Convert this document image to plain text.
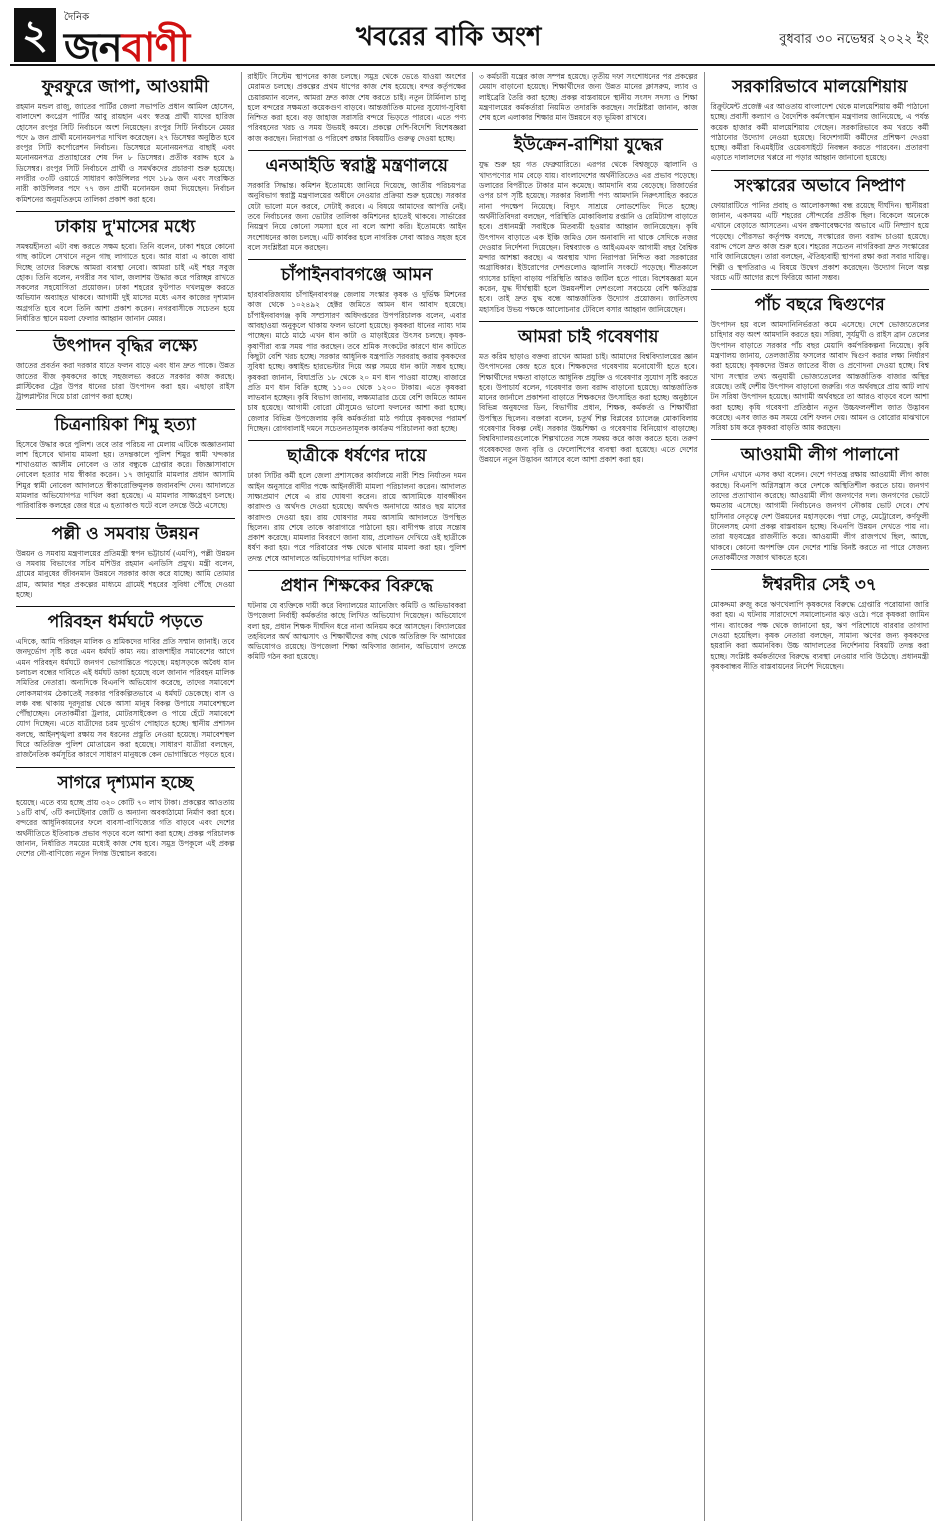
২	দৈনিক
জনবাণী	খবরের বাকি অংশ	বুধবার ৩০ নভেম্বর ২০২২ ইং
ফুরফুরে জাপা, আওয়ামী

রহমান মন্ডল রাজু, জাতের পার্টির জেলা সভাপতি প্রধান আমিল হোসেন, বালাদেশ কংগ্রেস পার্টির আবু রায়হান এবং স্বতন্ত্র প্রার্থী যাদের হারিজ হোসেন রংপুর সিটি নির্বাচনে অংশ নিয়েছেন। রংপুর সিটি নির্বাচনে মেয়র পদে ৯ জন প্রার্থী মনোনয়নপত্র দাখিল করেছেন। ২৭ ডিসেম্বর অনুষ্ঠিত হবে রংপুর সিটি কর্পোরেশন নির্বাচন। ডিসেম্বরে মনোনয়নপত্র বাছাই এবং মনোনয়নপত্র প্রত্যাহারের শেষ দিন ৮ ডিসেম্বর। প্রতীক বরাদ্দ হবে ৯ ডিসেম্বর। রংপুর সিটি নির্বাচনে প্রার্থী ও সমর্থকদের প্রচারণা শুরু হয়েছে। নগরীর ৩৩টি ওয়ার্ডে সাধারণ কাউন্সিলর পদে ১৮৯ জন এবং সংরক্ষিত নারী কাউন্সিলর পদে ৭৭ জন প্রার্থী মনোনয়ন জমা দিয়েছেন। নির্বাচন কমিশনের অনুমতিক্রমে তালিকা প্রকাশ করা হবে।

ঢাকায় দু'মাসের মধ্যে

সমন্বয়হীনতা এটা বন্ধ করতে সক্ষম হবো। তিনি বলেন, ঢাকা শহরে কোনো গাছ কাটলে সেখানে নতুন গাছ লাগাতে হবে। আর যারা এ কাজে বাধা দিচ্ছে তাদের বিরুদ্ধে আমরা ব্যবস্থা নেবো। আমরা চাই এই শহর সবুজ হোক। তিনি বলেন, নগরীর সব খাল, জলাশয় উদ্ধার করে পরিচ্ছন্ন রাখতে সকলের সহযোগিতা প্রয়োজন। ঢাকা শহরের ফুটপাত দখলমুক্ত করতে অভিযান অব্যাহত থাকবে। আগামী দুই মাসের মধ্যে এসব কাজের দৃশ্যমান অগ্রগতি হবে বলে তিনি আশা প্রকাশ করেন। নগরবাসীকে সচেতন হয়ে নির্ধারিত স্থানে ময়লা ফেলার আহ্বান জানান মেয়র।

উৎপাদন বৃদ্ধির লক্ষ্যে

জাতের প্রবর্তন করা দরকার যাতে ফলন বাড়ে এবং ধান দ্রুত পাকে। উন্নত জাতের বীজ কৃষকদের কাছে সহজলভ্য করতে সরকার কাজ করছে। প্লাস্টিকের ট্রের উপর ধানের চারা উৎপাদন করা হয়। এছাড়া রাইস ট্রান্সপ্লান্টার দিয়ে চারা রোপণ করা হচ্ছে।

চিত্রনায়িকা শিমু হত্যা

হিসেবে উদ্ধার করে পুলিশ। তবে তার পরিচয় না মেলায় এটিকে অজ্ঞাতনামা লাশ হিসেবে থানায় মামলা হয়। তদন্তকালে পুলিশ শিমুর স্বামী খন্দকার শাখাওয়াত আলীম নোবেল ও তার বন্ধুকে গ্রেপ্তার করে। জিজ্ঞাসাবাদে নোবেল হত্যার দায় স্বীকার করেন। ১৭ জানুয়ারি মামলার প্রধান আসামি শিমুর স্বামী নোবেল আদালতে স্বীকারোক্তিমূলক জবানবন্দি দেন। আদালতে মামলার অভিযোগপত্র দাখিল করা হয়েছে। এ মামলার সাক্ষ্যগ্রহণ চলছে। পারিবারিক কলহের জের ধরে এ হত্যাকাণ্ড ঘটে বলে তদন্তে উঠে এসেছে।

পল্লী ও সমবায় উন্নয়ন

উন্নয়ন ও সমবায় মন্ত্রণালয়ের প্রতিমন্ত্রী স্বপন ভট্টাচার্য (এমপি), পল্লী উন্নয়ন ও সমবায় বিভাগের সচিব মশিউর রহমান এনডিসি প্রমুখ। মন্ত্রী বলেন, গ্রামের মানুষের জীবনমান উন্নয়নে সরকার কাজ করে যাচ্ছে। আমি তোমার গ্রাম, আমার শহর প্রকল্পের মাধ্যমে গ্রামেই শহরের সুবিধা পৌঁছে দেওয়া হচ্ছে।

পরিবহন ধর্মঘটে পড়তে

এদিকে, আমি পরিবহন মালিক ও শ্রমিকদের দাবির প্রতি সম্মান জানাই। তবে জনদুর্ভোগ সৃষ্টি করে এমন ধর্মঘট কাম্য নয়। রাজশাহীর সমাবেশের আগে এমন পরিবহন ধর্মঘটে জনগণ ভোগান্তিতে পড়েছে। মহাসড়কে অবৈধ যান চলাচল বন্ধের দাবিতে এই ধর্মঘট ডাকা হয়েছে বলে জানান পরিবহন মালিক সমিতির নেতারা। অন্যদিকে বিএনপি অভিযোগ করেছে, তাদের সমাবেশে লোকসমাগম ঠেকাতেই সরকার পরিকল্পিতভাবে এ ধর্মঘট ডেকেছে। বাস ও লঞ্চ বন্ধ থাকায় দূরদূরান্ত থেকে আসা মানুষ বিকল্প উপায়ে সমাবেশস্থলে পৌঁছাচ্ছেন। নেতাকর্মীরা ট্রলার, মোটরসাইকেল ও পায়ে হেঁটে সমাবেশে যোগ দিচ্ছেন। এতে যাত্রীদের চরম দুর্ভোগ পোহাতে হচ্ছে। স্থানীয় প্রশাসন বলছে, আইনশৃঙ্খলা রক্ষায় সব ধরনের প্রস্তুতি নেওয়া হয়েছে। সমাবেশস্থল ঘিরে অতিরিক্ত পুলিশ মোতায়েন করা হয়েছে। সাধারণ যাত্রীরা বলছেন, রাজনৈতিক কর্মসূচির কারণে সাধারণ মানুষকে কেন ভোগান্তিতে পড়তে হবে।

সাগরে দৃশ্যমান হচ্ছে

হয়েছে। এতে ব্যয় হচ্ছে প্রায় ৩২০ কোটি ৭০ লাখ টাকা। প্রকল্পের আওতায় ১৪টি বার্থ, ৩টি কনটেইনার জেটি ও অন্যান্য অবকাঠামো নির্মাণ করা হবে। বন্দরের আধুনিকায়নের ফলে ব্যবসা-বাণিজ্যের গতি বাড়বে এবং দেশের অর্থনীতিতে ইতিবাচক প্রভাব পড়বে বলে আশা করা হচ্ছে। প্রকল্প পরিচালক জানান, নির্ধারিত সময়ের মধ্যেই কাজ শেষ হবে। সমুদ্র উপকূলে এই প্রকল্প দেশের নৌ-বাণিজ্যে নতুন দিগন্ত উন্মোচন করবে।

রাইটিং সিস্টেম স্থাপনের কাজ চলছে। সমুদ্র থেকে ভেঙে যাওয়া অংশের মেরামত চলছে। প্রকল্পের প্রথম ধাপের কাজ শেষ হয়েছে। বন্দর কর্তৃপক্ষের চেয়ারম্যান বলেন, আমরা দ্রুত কাজ শেষ করতে চাই। নতুন টার্মিনাল চালু হলে বন্দরের সক্ষমতা কয়েকগুণ বাড়বে। আন্তর্জাতিক মানের সুযোগ-সুবিধা নিশ্চিত করা হবে। বড় জাহাজ সরাসরি বন্দরে ভিড়তে পারবে। এতে পণ্য পরিবহনের খরচ ও সময় উভয়ই কমবে। প্রকল্পে দেশি-বিদেশি বিশেষজ্ঞরা কাজ করছেন। নিরাপত্তা ও পরিবেশ রক্ষার বিষয়টিও গুরুত্ব দেওয়া হচ্ছে।

এনআইডি স্বরাষ্ট্র মন্ত্রণালয়ে

সরকারি সিদ্ধান্ত। কমিশন ইতোমধ্যে জানিয়ে দিয়েছে, জাতীয় পরিচয়পত্র অনুবিভাগ স্বরাষ্ট্র মন্ত্রণালয়ের অধীনে নেওয়ার প্রক্রিয়া শুরু হয়েছে। সরকার যেটা ভালো মনে করবে, সেটাই করবে। এ বিষয়ে আমাদের আপত্তি নেই। তবে নির্বাচনের জন্য ভোটার তালিকা কমিশনের হাতেই থাকবে। সার্ভারের নিয়ন্ত্রণ নিয়ে কোনো সমস্যা হবে না বলে আশা করি। ইতোমধ্যে আইন সংশোধনের কাজ চলছে। এটি কার্যকর হলে নাগরিক সেবা আরও সহজ হবে বলে সংশ্লিষ্টরা মনে করছেন।

চাঁপাইনবাবগঞ্জে আমন

হারবাবরিজযায় চাঁপাইনবাবগঞ্জ জেলায় সংস্কার কৃষক ও দুর্ভিক্ষ মিশনের কাজ থেকে ১০২৪৯২ হেক্টর জমিতে আমন ধান আবাদ হয়েছে। চাঁপাইনবাবগঞ্জ কৃষি সম্প্রসারণ অধিদপ্তরের উপপরিচালক বলেন, এবার আবহাওয়া অনুকূলে থাকায় ফলন ভালো হয়েছে। কৃষকরা ধানের ন্যায্য দাম পাচ্ছেন। মাঠে মাঠে এখন ধান কাটা ও মাড়াইয়ের উৎসব চলছে। কৃষক-কৃষাণীরা ব্যস্ত সময় পার করছেন। তবে শ্রমিক সংকটের কারণে ধান কাটতে কিছুটা বেশি খরচ হচ্ছে। সরকার আধুনিক যন্ত্রপাতি সরবরাহ করায় কৃষকদের সুবিধা হচ্ছে। কম্বাইন্ড হারভেস্টার দিয়ে অল্প সময়ে ধান কাটা সম্ভব হচ্ছে। কৃষকরা জানান, বিঘাপ্রতি ১৮ থেকে ২০ মণ ধান পাওয়া যাচ্ছে। বাজারে প্রতি মণ ধান বিক্রি হচ্ছে ১১০০ থেকে ১২০০ টাকায়। এতে কৃষকরা লাভবান হচ্ছেন। কৃষি বিভাগ জানায়, লক্ষ্যমাত্রার চেয়ে বেশি জমিতে আমন চাষ হয়েছে। আগামী বোরো মৌসুমেও ভালো ফলনের আশা করা হচ্ছে। জেলার বিভিন্ন উপজেলায় কৃষি কর্মকর্তারা মাঠ পর্যায়ে কৃষকদের পরামর্শ দিচ্ছেন। রোগবালাই দমনে সচেতনতামূলক কার্যক্রম পরিচালনা করা হচ্ছে।

ছাত্রীকে ধর্ষণের দায়ে

ঢাকা সিটির কর্মী হলে জেলা প্রশাসকের কার্যালয়ে নারী শিশু নির্যাতন দমন আইন অনুসারে বাদীর পক্ষে আইনজীবী মামলা পরিচালনা করেন। আদালত সাক্ষ্যপ্রমাণ শেষে এ রায় ঘোষণা করেন। রায়ে আসামিকে যাবজ্জীবন কারাদণ্ড ও অর্থদণ্ড দেওয়া হয়েছে। অর্থদণ্ড অনাদায়ে আরও ছয় মাসের কারাদণ্ড দেওয়া হয়। রায় ঘোষণার সময় আসামি আদালতে উপস্থিত ছিলেন। রায় শেষে তাকে কারাগারে পাঠানো হয়। বাদীপক্ষ রায়ে সন্তোষ প্রকাশ করেছে। মামলার বিবরণে জানা যায়, প্রলোভন দেখিয়ে ওই ছাত্রীকে ধর্ষণ করা হয়। পরে পরিবারের পক্ষ থেকে থানায় মামলা করা হয়। পুলিশ তদন্ত শেষে আদালতে অভিযোগপত্র দাখিল করে।

প্রধান শিক্ষকের বিরুদ্ধে

ঘটনায় যে ব্যক্তিকে দায়ী করে বিদ্যালয়ের ম্যানেজিং কমিটি ও অভিভাবকরা উপজেলা নির্বাহী কর্মকর্তার কাছে লিখিত অভিযোগ দিয়েছেন। অভিযোগে বলা হয়, প্রধান শিক্ষক দীর্ঘদিন ধরে নানা অনিয়ম করে আসছেন। বিদ্যালয়ের তহবিলের অর্থ আত্মসাৎ ও শিক্ষার্থীদের কাছ থেকে অতিরিক্ত ফি আদায়ের অভিযোগও রয়েছে। উপজেলা শিক্ষা অফিসার জানান, অভিযোগ তদন্তে কমিটি গঠন করা হয়েছে।

৩ কর্মচারী যন্ত্রের কাজ সম্পন্ন হয়েছে। তৃতীয় দফা সংশোধনের পর প্রকল্পের মেয়াদ বাড়ানো হয়েছে। শিক্ষার্থীদের জন্য উন্নত মানের ক্লাসরুম, ল্যাব ও লাইব্রেরি তৈরি করা হচ্ছে। প্রকল্প বাস্তবায়নে স্থানীয় সংসদ সদস্য ও শিক্ষা মন্ত্রণালয়ের কর্মকর্তারা নিয়মিত তদারকি করছেন। সংশ্লিষ্টরা জানান, কাজ শেষ হলে এলাকার শিক্ষার মান উন্নয়নে বড় ভূমিকা রাখবে।

ইউক্রেন-রাশিয়া যুদ্ধের

যুদ্ধ শুরু হয় গত ফেব্রুয়ারিতে। এরপর থেকে বিশ্বজুড়ে জ্বালানি ও খাদ্যপণ্যের দাম বেড়ে যায়। বাংলাদেশের অর্থনীতিতেও এর প্রভাব পড়েছে। ডলারের বিপরীতে টাকার মান কমেছে। আমদানি ব্যয় বেড়েছে। রিজার্ভের ওপর চাপ সৃষ্টি হয়েছে। সরকার বিলাসী পণ্য আমদানি নিরুৎসাহিত করতে নানা পদক্ষেপ নিয়েছে। বিদ্যুৎ সাশ্রয়ে লোডশেডিং দিতে হচ্ছে। অর্থনীতিবিদরা বলছেন, পরিস্থিতি মোকাবিলায় রপ্তানি ও রেমিট্যান্স বাড়াতে হবে। প্রধানমন্ত্রী সবাইকে মিতব্যয়ী হওয়ার আহ্বান জানিয়েছেন। কৃষি উৎপাদন বাড়াতে এক ইঞ্চি জমিও যেন অনাবাদি না থাকে সেদিকে নজর দেওয়ার নির্দেশনা দিয়েছেন। বিশ্বব্যাংক ও আইএমএফ আগামী বছর বৈশ্বিক মন্দার আশঙ্কা করছে। এ অবস্থায় খাদ্য নিরাপত্তা নিশ্চিত করা সরকারের অগ্রাধিকার। ইউরোপের দেশগুলোও জ্বালানি সংকটে পড়েছে। শীতকালে গ্যাসের চাহিদা বাড়ায় পরিস্থিতি আরও জটিল হতে পারে। বিশেষজ্ঞরা মনে করেন, যুদ্ধ দীর্ঘস্থায়ী হলে উন্নয়নশীল দেশগুলো সবচেয়ে বেশি ক্ষতিগ্রস্ত হবে। তাই দ্রুত যুদ্ধ বন্ধে আন্তর্জাতিক উদ্যোগ প্রয়োজন। জাতিসংঘ মহাসচিব উভয় পক্ষকে আলোচনার টেবিলে বসার আহ্বান জানিয়েছেন।

আমরা চাই গবেষণায়

মত করিম ছাড়াও বক্তব্য রাখেন আমরা চাই। আমাদের বিশ্ববিদ্যালয়ের জ্ঞান উৎপাদনের কেন্দ্র হতে হবে। শিক্ষকদের গবেষণায় মনোযোগী হতে হবে। শিক্ষার্থীদের দক্ষতা বাড়াতে আধুনিক প্রযুক্তি ও গবেষণার সুযোগ সৃষ্টি করতে হবে। উপাচার্য বলেন, গবেষণার জন্য বরাদ্দ বাড়ানো হয়েছে। আন্তর্জাতিক মানের জার্নালে প্রকাশনা বাড়াতে শিক্ষকদের উৎসাহিত করা হচ্ছে। অনুষ্ঠানে বিভিন্ন অনুষদের ডিন, বিভাগীয় প্রধান, শিক্ষক, কর্মকর্তা ও শিক্ষার্থীরা উপস্থিত ছিলেন। বক্তারা বলেন, চতুর্থ শিল্প বিপ্লবের চ্যালেঞ্জ মোকাবিলায় গবেষণার বিকল্প নেই। সরকার উচ্চশিক্ষা ও গবেষণায় বিনিয়োগ বাড়াচ্ছে। বিশ্ববিদ্যালয়গুলোকে শিল্পখাতের সঙ্গে সমন্বয় করে কাজ করতে হবে। তরুণ গবেষকদের জন্য বৃত্তি ও ফেলোশিপের ব্যবস্থা করা হয়েছে। এতে দেশের উন্নয়নে নতুন উদ্ভাবন আসবে বলে আশা প্রকাশ করা হয়।

সরকারিভাবে মালয়েশিয়ায়

রিক্রুটমেন্ট প্রজেক্ট এর আওতায় বাংলাদেশ থেকে মালয়েশিয়ায় কর্মী পাঠানো হচ্ছে। প্রবাসী কল্যাণ ও বৈদেশিক কর্মসংস্থান মন্ত্রণালয় জানিয়েছে, এ পর্যন্ত কয়েক হাজার কর্মী মালয়েশিয়ায় গেছেন। সরকারিভাবে কম খরচে কর্মী পাঠানোর উদ্যোগ নেওয়া হয়েছে। বিদেশগামী কর্মীদের প্রশিক্ষণ দেওয়া হচ্ছে। কর্মীরা বিএমইটির ওয়েবসাইটে নিবন্ধন করতে পারবেন। প্রতারণা এড়াতে দালালদের খপ্পরে না পড়ার আহ্বান জানানো হয়েছে।

সংস্কারের অভাবে নিষ্প্রাণ

ফোয়ারাটিতে পানির প্রবাহ ও আলোকসজ্জা বন্ধ রয়েছে দীর্ঘদিন। স্থানীয়রা জানান, একসময় এটি শহরের সৌন্দর্যের প্রতীক ছিল। বিকেলে অনেকে এখানে বেড়াতে আসতেন। এখন রক্ষণাবেক্ষণের অভাবে এটি নিষ্প্রাণ হয়ে পড়েছে। পৌরসভা কর্তৃপক্ষ বলছে, সংস্কারের জন্য বরাদ্দ চাওয়া হয়েছে। বরাদ্দ পেলে দ্রুত কাজ শুরু হবে। শহরের সচেতন নাগরিকরা দ্রুত সংস্কারের দাবি জানিয়েছেন। তারা বলছেন, ঐতিহ্যবাহী স্থাপনা রক্ষা করা সবার দায়িত্ব। শিল্পী ও স্থপতিরাও এ বিষয়ে উদ্বেগ প্রকাশ করেছেন। উদ্যোগ নিলে অল্প খরচে এটি আগের রূপে ফিরিয়ে আনা সম্ভব।

পাঁচ বছরে দ্বিগুণের

উৎপাদন হয় বলে আমদানিনির্ভরতা কমে এসেছে। দেশে ভোজ্যতেলের চাহিদার বড় অংশ আমদানি করতে হয়। সরিষা, সূর্যমুখী ও রাইস ব্রান তেলের উৎপাদন বাড়াতে সরকার পাঁচ বছর মেয়াদি কর্মপরিকল্পনা নিয়েছে। কৃষি মন্ত্রণালয় জানায়, তেলজাতীয় ফসলের আবাদ দ্বিগুণ করার লক্ষ্য নির্ধারণ করা হয়েছে। কৃষকদের উন্নত জাতের বীজ ও প্রণোদনা দেওয়া হচ্ছে। বিশ্ব খাদ্য সংস্থার তথ্য অনুযায়ী ভোজ্যতেলের আন্তর্জাতিক বাজার অস্থির রয়েছে। তাই দেশীয় উৎপাদন বাড়ানো জরুরি। গত অর্থবছরে প্রায় আট লাখ টন সরিষা উৎপাদন হয়েছে। আগামী অর্থবছরে তা আরও বাড়বে বলে আশা করা হচ্ছে। কৃষি গবেষণা প্রতিষ্ঠান নতুন উচ্চফলনশীল জাত উদ্ভাবন করেছে। এসব জাত কম সময়ে বেশি ফলন দেয়। আমন ও বোরোর মাঝখানে সরিষা চাষ করে কৃষকরা বাড়তি আয় করছেন।

আওয়ামী লীগ পালানো

সেদিন এখানে এসব কথা বলেন। দেশে গণতন্ত্র রক্ষায় আওয়ামী লীগ কাজ করছে। বিএনপি অগ্নিসন্ত্রাস করে দেশকে অস্থিতিশীল করতে চায়। জনগণ তাদের প্রত্যাখ্যান করেছে। আওয়ামী লীগ জনগণের দল। জনগণের ভোটে ক্ষমতায় এসেছে। আগামী নির্বাচনেও জনগণ নৌকায় ভোট দেবে। শেখ হাসিনার নেতৃত্বে দেশ উন্নয়নের মহাসড়কে। পদ্মা সেতু, মেট্রোরেল, কর্ণফুলী টানেলসহ মেগা প্রকল্প বাস্তবায়ন হচ্ছে। বিএনপি উন্নয়ন দেখতে পায় না। তারা ষড়যন্ত্রের রাজনীতি করে। আওয়ামী লীগ রাজপথে ছিল, আছে, থাকবে। কোনো অপশক্তি যেন দেশের শান্তি বিনষ্ট করতে না পারে সেজন্য নেতাকর্মীদের সজাগ থাকতে হবে।

ঈশ্বরদীর সেই ৩৭

মোকদ্দমা রুজু করে ঋণখেলাপি কৃষকদের বিরুদ্ধে গ্রেপ্তারি পরোয়ানা জারি করা হয়। এ ঘটনায় সারাদেশে সমালোচনার ঝড় ওঠে। পরে কৃষকরা জামিন পান। ব্যাংকের পক্ষ থেকে জানানো হয়, ঋণ পরিশোধে বারবার তাগাদা দেওয়া হয়েছিল। কৃষক নেতারা বলছেন, সামান্য ঋণের জন্য কৃষকদের হয়রানি করা অমানবিক। উচ্চ আদালতের নির্দেশনায় বিষয়টি তদন্ত করা হচ্ছে। সংশ্লিষ্ট কর্মকর্তাদের বিরুদ্ধে ব্যবস্থা নেওয়ার দাবি উঠেছে। প্রধানমন্ত্রী কৃষকবান্ধব নীতি বাস্তবায়নের নির্দেশ দিয়েছেন।
